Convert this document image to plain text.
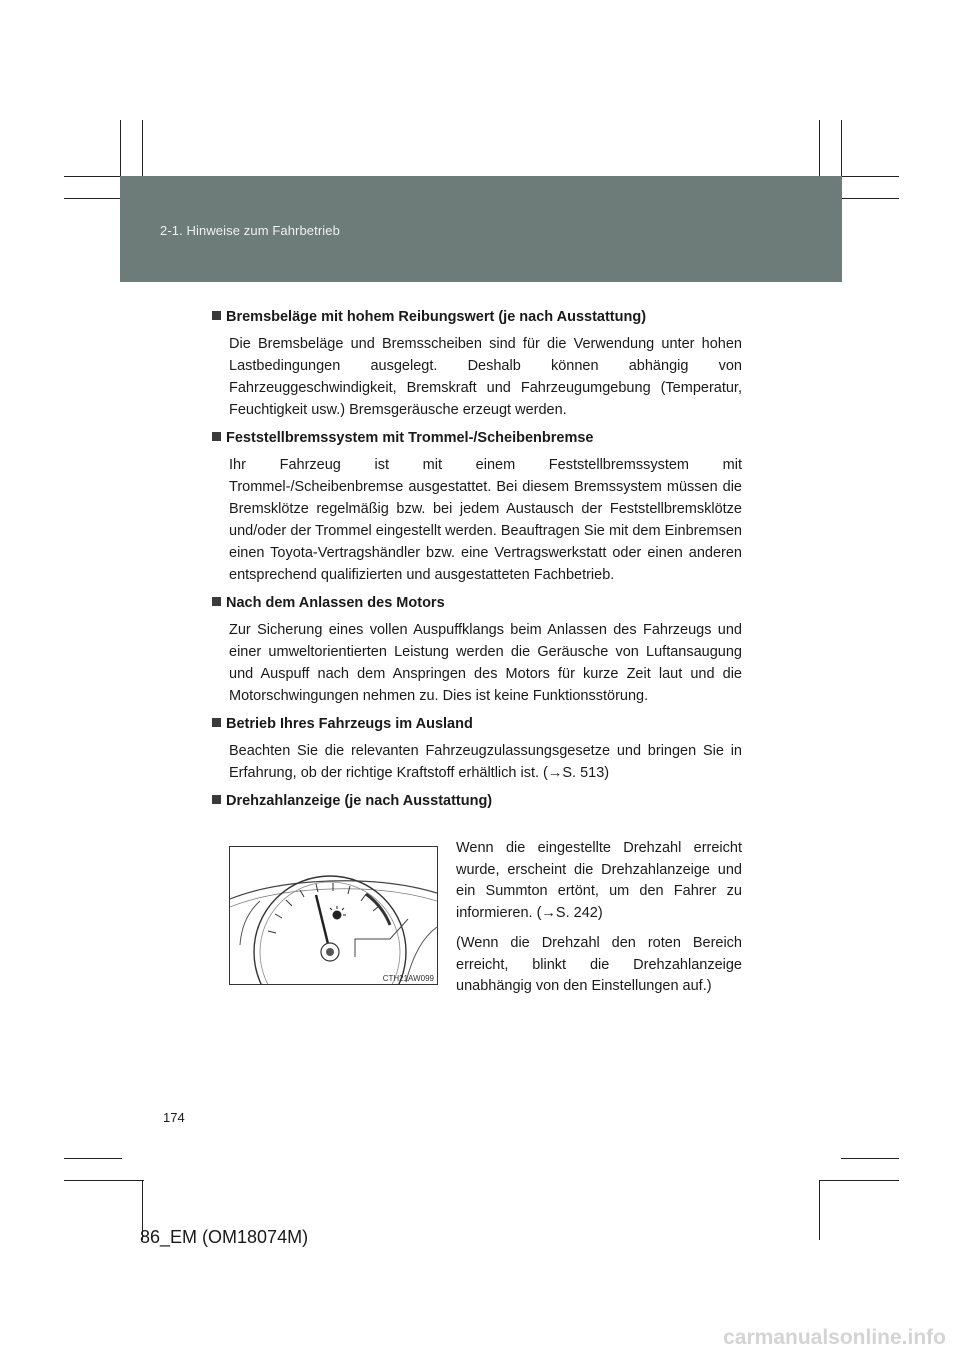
2-1. Hinweise zum Fahrbetrieb

Bremsbeläge mit hohem Reibungswert (je nach Ausstattung)

Die Bremsbeläge und Bremsscheiben sind für die Verwendung unter hohen Lastbedingungen ausgelegt. Deshalb können abhängig von Fahrzeuggeschwindigkeit, Bremskraft und Fahrzeugumgebung (Temperatur, Feuchtigkeit usw.) Bremsgeräusche erzeugt werden.

Feststellbremssystem mit Trommel-/Scheibenbremse

Ihr Fahrzeug ist mit einem Feststellbremssystem mit Trommel-/Scheibenbremse ausgestattet. Bei diesem Bremssystem müssen die Bremsklötze regelmäßig bzw. bei jedem Austausch der Feststellbremsklötze und/oder der Trommel eingestellt werden. Beauftragen Sie mit dem Einbremsen einen Toyota-Vertragshändler bzw. eine Vertragswerkstatt oder einen anderen entsprechend qualifizierten und ausgestatteten Fachbetrieb.

Nach dem Anlassen des Motors

Zur Sicherung eines vollen Auspuffklangs beim Anlassen des Fahrzeugs und einer umweltorientierten Leistung werden die Geräusche von Luftansaugung und Auspuff nach dem Anspringen des Motors für kurze Zeit laut und die Motorschwingungen nehmen zu. Dies ist keine Funktionsstörung.

Betrieb Ihres Fahrzeugs im Ausland

Beachten Sie die relevanten Fahrzeugzulassungsgesetze und bringen Sie in Erfahrung, ob der richtige Kraftstoff erhältlich ist. (→S. 513)

Drehzahlanzeige (je nach Ausstattung)

CTH21AW099

Wenn die eingestellte Drehzahl erreicht wurde, erscheint die Drehzahlanzeige und ein Summton ertönt, um den Fahrer zu informieren. (→S. 242)

(Wenn die Drehzahl den roten Bereich erreicht, blinkt die Drehzahlanzeige unabhängig von den Einstellungen auf.)

174
86_EM (OM18074M)
carmanualsonline.info
